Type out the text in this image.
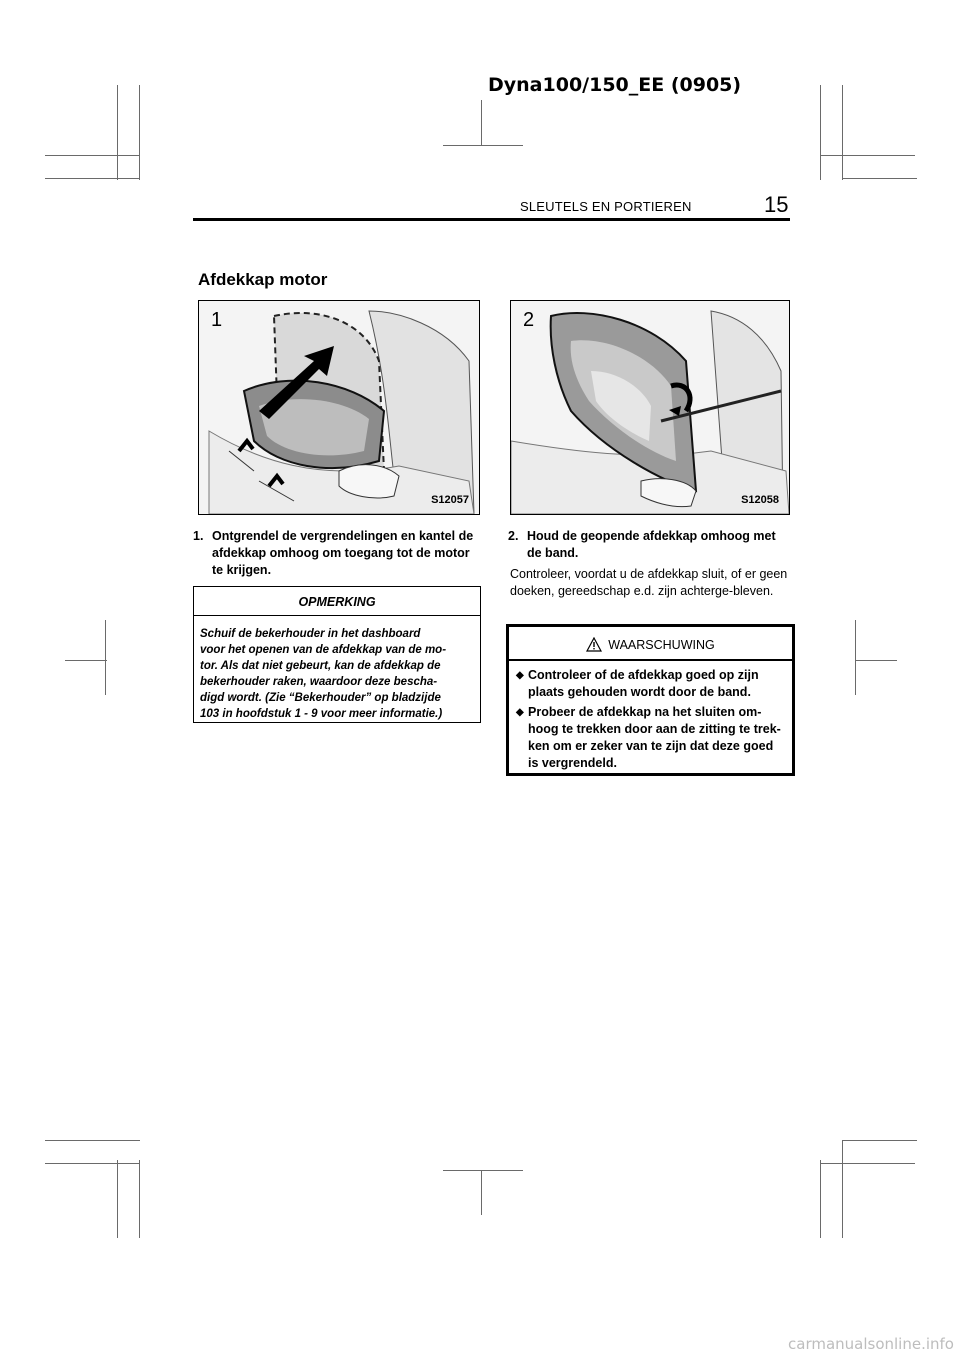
Dyna100/150_EE (0905)
SLEUTELS EN PORTIEREN	15
Afdekkap motor
1
S12057
2
S12058
1. Ontgrendel de vergrendelingen en kantel de afdekkap omhoog om toegang tot de motor te krijgen.
OPMERKING
Schuif de bekerhouder in het dashboard
voor het openen van de afdekkap van de mo-
tor. Als dat niet gebeurt, kan de afdekkap de
bekerhouder raken, waardoor deze bescha-
digd wordt. (Zie “Bekerhouder” op bladzijde
103 in hoofdstuk 1 - 9 voor meer informatie.)
2. Houd de geopende afdekkap omhoog met de band.
Controleer, voordat u de afdekkap sluit, of er geen doeken, gereedschap e.d. zijn achterge-bleven.
WAARSCHUWING
◆ Controleer of de afdekkap goed op zijn plaats gehouden wordt door de band.
◆ Probeer de afdekkap na het sluiten om-hoog te trekken door aan de zitting te trek-ken om er zeker van te zijn dat deze goed is vergrendeld.
carmanualsonline.info
